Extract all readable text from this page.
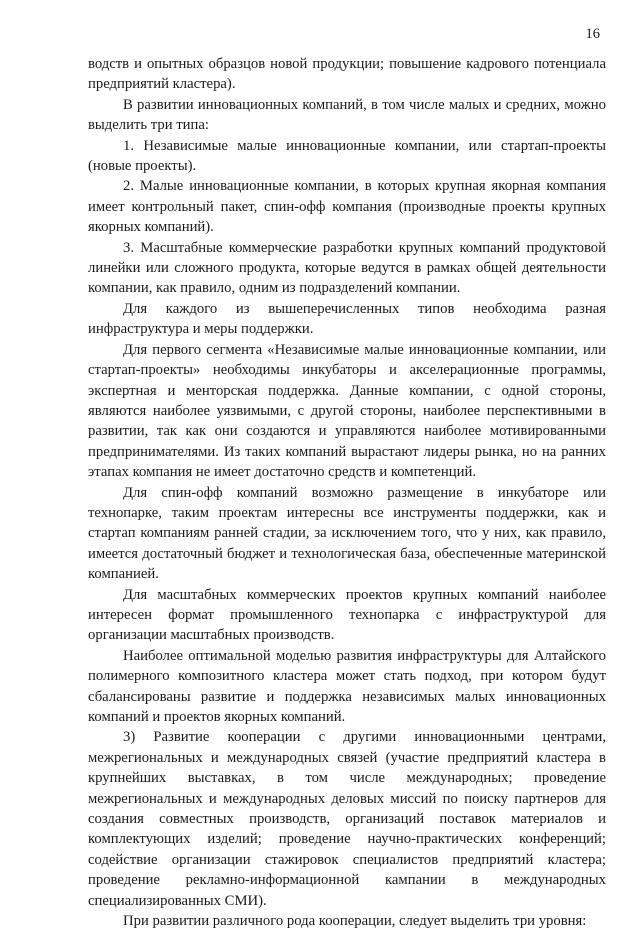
16

водств и опытных образцов новой продукции; повышение кадрового потенциала предприятий кластера).

В развитии инновационных компаний, в том числе малых и средних, можно выделить три типа:

1. Независимые малые инновационные компании, или стартап-проекты (новые проекты).

2. Малые инновационные компании, в которых крупная якорная компания имеет контрольный пакет, спин-офф компания (производные проекты крупных якорных компаний).

3. Масштабные коммерческие разработки крупных компаний продуктовой линейки или сложного продукта, которые ведутся в рамках общей деятельности компании, как правило, одним из подразделений компании.

Для каждого из вышеперечисленных типов необходима разная инфраструктура и меры поддержки.

Для первого сегмента «Независимые малые инновационные компании, или стартап-проекты» необходимы инкубаторы и акселерационные программы, экспертная и менторская поддержка. Данные компании, с одной стороны, являются наиболее уязвимыми, с другой стороны, наиболее перспективными в развитии, так как они создаются и управляются наиболее мотивированными предпринимателями. Из таких компаний вырастают лидеры рынка, но на ранних этапах компания не имеет достаточно средств и компетенций.

Для спин-офф компаний возможно размещение в инкубаторе или технопарке, таким проектам интересны все инструменты поддержки, как и стартап компаниям ранней стадии, за исключением того, что у них, как правило, имеется достаточный бюджет и технологическая база, обеспеченные материнской компанией.

Для масштабных коммерческих проектов крупных компаний наиболее интересен формат промышленного технопарка с инфраструктурой для организации масштабных производств.

Наиболее оптимальной моделью развития инфраструктуры для Алтайского полимерного композитного кластера может стать подход, при котором будут сбалансированы развитие и поддержка независимых малых инновационных компаний и проектов якорных компаний.

3) Развитие кооперации с другими инновационными центрами, межрегиональных и международных связей (участие предприятий кластера в крупнейших выставках, в том числе международных; проведение межрегиональных и международных деловых миссий по поиску партнеров для создания совместных производств, организаций поставок материалов и комплектующих изделий; проведение научно-практических конференций; содействие организации стажировок специалистов предприятий кластера; проведение рекламно-информационной кампании в международных специализированных СМИ).

При развитии различного рода кооперации, следует выделить три уровня:
